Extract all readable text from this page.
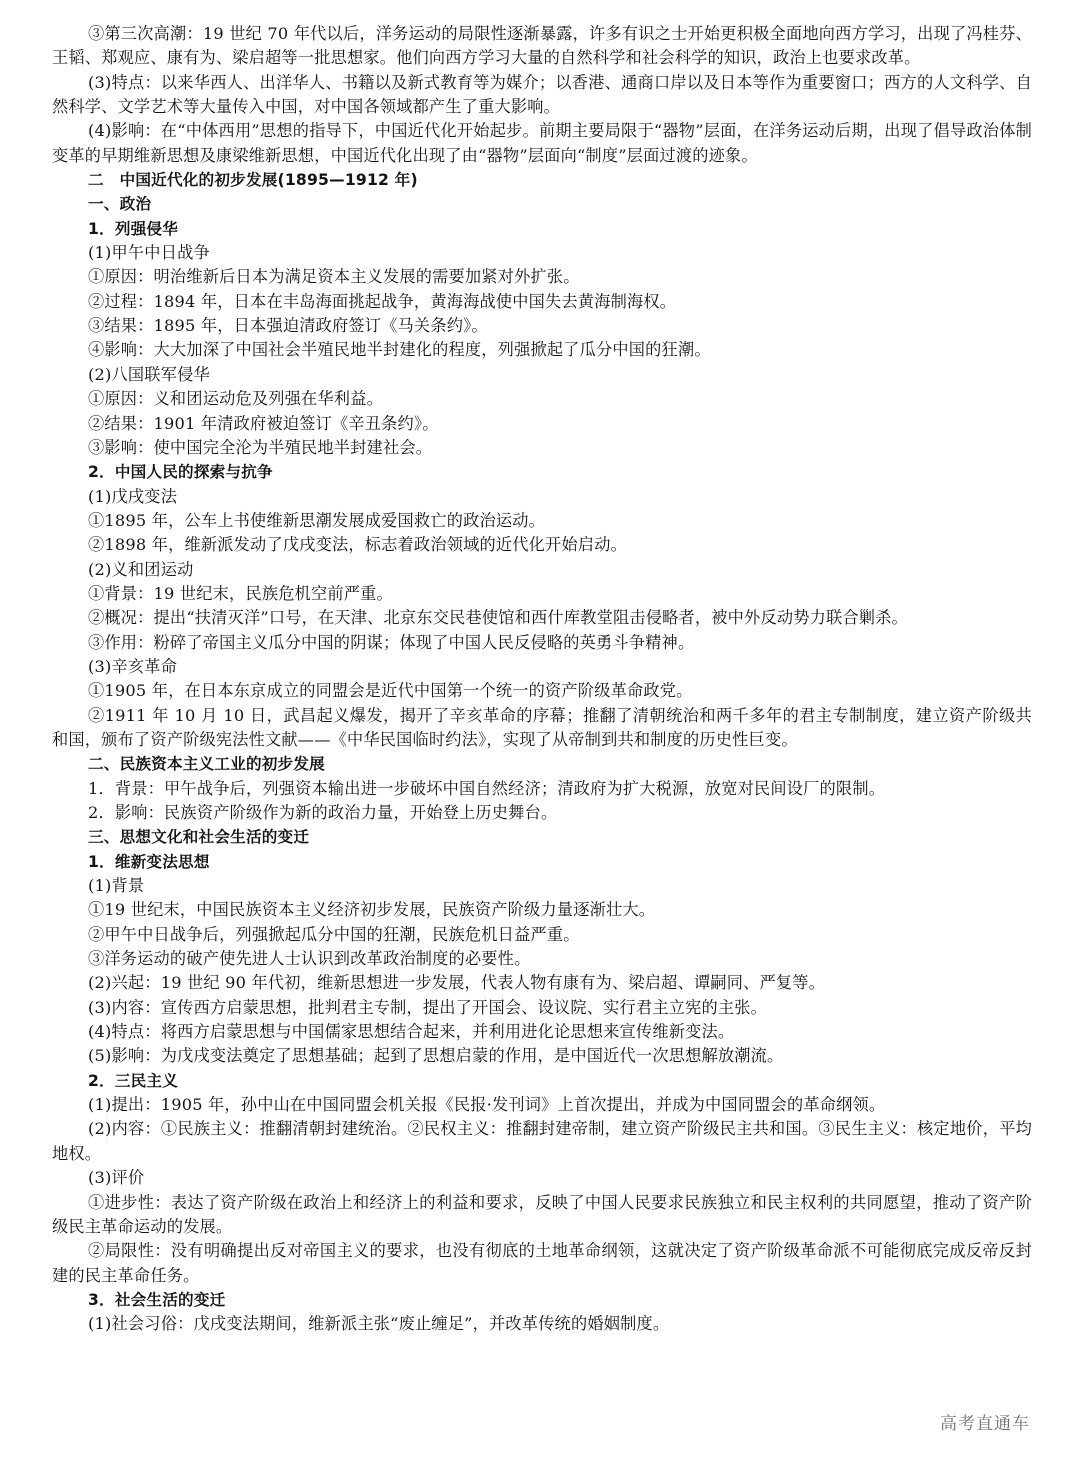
③第三次高潮：19 世纪 70 年代以后，洋务运动的局限性逐渐暴露，许多有识之士开始更积极全面地向西方学习，出现了冯桂芬、王韬、郑观应、康有为、梁启超等一批思想家。他们向西方学习大量的自然科学和社会科学的知识，政治上也要求改革。

(3)特点：以来华西人、出洋华人、书籍以及新式教育等为媒介；以香港、通商口岸以及日本等作为重要窗口；西方的人文科学、自然科学、文学艺术等大量传入中国，对中国各领域都产生了重大影响。

(4)影响：在“中体西用”思想的指导下，中国近代化开始起步。前期主要局限于“器物”层面，在洋务运动后期，出现了倡导政治体制变革的早期维新思想及康梁维新思想，中国近代化出现了由“器物”层面向“制度”层面过渡的迹象。

二　中国近代化的初步发展(1895—1912 年)

一、政治

1．列强侵华

(1)甲午中日战争

①原因：明治维新后日本为满足资本主义发展的需要加紧对外扩张。

②过程：1894 年，日本在丰岛海面挑起战争，黄海海战使中国失去黄海制海权。

③结果：1895 年，日本强迫清政府签订《马关条约》。

④影响：大大加深了中国社会半殖民地半封建化的程度，列强掀起了瓜分中国的狂潮。

(2)八国联军侵华

①原因：义和团运动危及列强在华利益。

②结果：1901 年清政府被迫签订《辛丑条约》。

③影响：使中国完全沦为半殖民地半封建社会。

2．中国人民的探索与抗争

(1)戊戌变法

①1895 年，公车上书使维新思潮发展成爱国救亡的政治运动。

②1898 年，维新派发动了戊戌变法，标志着政治领域的近代化开始启动。

(2)义和团运动

①背景：19 世纪末，民族危机空前严重。

②概况：提出“扶清灭洋”口号，在天津、北京东交民巷使馆和西什库教堂阻击侵略者，被中外反动势力联合剿杀。

③作用：粉碎了帝国主义瓜分中国的阴谋；体现了中国人民反侵略的英勇斗争精神。

(3)辛亥革命

①1905 年，在日本东京成立的同盟会是近代中国第一个统一的资产阶级革命政党。

②1911 年 10 月 10 日，武昌起义爆发，揭开了辛亥革命的序幕；推翻了清朝统治和两千多年的君主专制制度，建立资产阶级共和国，颁布了资产阶级宪法性文献——《中华民国临时约法》，实现了从帝制到共和制度的历史性巨变。

二、民族资本主义工业的初步发展

1．背景：甲午战争后，列强资本输出进一步破坏中国自然经济；清政府为扩大税源，放宽对民间设厂的限制。

2．影响：民族资产阶级作为新的政治力量，开始登上历史舞台。

三、思想文化和社会生活的变迁

1．维新变法思想

(1)背景

①19 世纪末，中国民族资本主义经济初步发展，民族资产阶级力量逐渐壮大。

②甲午中日战争后，列强掀起瓜分中国的狂潮，民族危机日益严重。

③洋务运动的破产使先进人士认识到改革政治制度的必要性。

(2)兴起：19 世纪 90 年代初，维新思想进一步发展，代表人物有康有为、梁启超、谭嗣同、严复等。

(3)内容：宣传西方启蒙思想，批判君主专制，提出了开国会、设议院、实行君主立宪的主张。

(4)特点：将西方启蒙思想与中国儒家思想结合起来，并利用进化论思想来宣传维新变法。

(5)影响：为戊戌变法奠定了思想基础；起到了思想启蒙的作用，是中国近代一次思想解放潮流。

2．三民主义

(1)提出：1905 年，孙中山在中国同盟会机关报《民报·发刊词》上首次提出，并成为中国同盟会的革命纲领。

(2)内容：①民族主义：推翻清朝封建统治。②民权主义：推翻封建帝制，建立资产阶级民主共和国。③民生主义：核定地价，平均地权。

(3)评价

①进步性：表达了资产阶级在政治上和经济上的利益和要求，反映了中国人民要求民族独立和民主权利的共同愿望，推动了资产阶级民主革命运动的发展。

②局限性：没有明确提出反对帝国主义的要求，也没有彻底的土地革命纲领，这就决定了资产阶级革命派不可能彻底完成反帝反封建的民主革命任务。

3．社会生活的变迁

(1)社会习俗：戊戌变法期间，维新派主张“废止缠足”，并改革传统的婚姻制度。

高考直通车
